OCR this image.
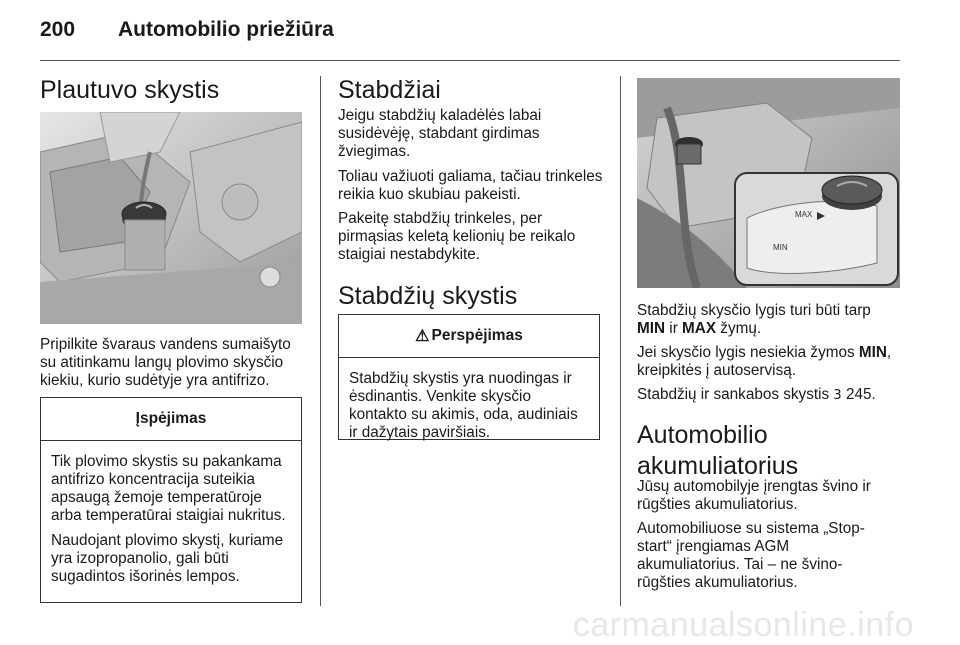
200 Automobilio priežiūra
Plautuvo skystis
Pripilkite švaraus vandens sumaišyto su atitinkamu langų plovimo skysčio kiekiu, kurio sudėtyje yra antifrizo.
Įspėjimas
Tik plovimo skystis su pakankama antifrizo koncentracija suteikia apsaugą žemoje temperatūroje arba temperatūrai staigiai nukritus.
Naudojant plovimo skystį, kuriame yra izopropanolio, gali būti sugadintos išorinės lempos.
Stabdžiai
Jeigu stabdžių kaladėlės labai susidėvėję, stabdant girdimas žviegimas.
Toliau važiuoti galiama, tačiau trinkeles reikia kuo skubiau pakeisti.
Pakeitę stabdžių trinkeles, per pirmąsias keletą kelionių be reikalo staigiai nestabdykite.
Stabdžių skystis
⚠ Perspėjimas
Stabdžių skystis yra nuodingas ir ėsdinantis. Venkite skysčio kontakto su akimis, oda, audiniais ir dažytais paviršiais.
MAX
MIN
Stabdžių skysčio lygis turi būti tarp
MIN ir MAX žymų.
Jei skysčio lygis nesiekia žymos MIN, kreipkitės į autoservisą.
Stabdžių ir sankabos skystis 3 245.
Automobilio akumuliatorius
Jūsų automobilyje įrengtas švino ir rūgšties akumuliatorius.
Automobiliuose su sistema „Stop-start“ įrengiamas AGM akumuliatorius. Tai – ne švino-rūgšties akumuliatorius.
carmanualsonline.info
